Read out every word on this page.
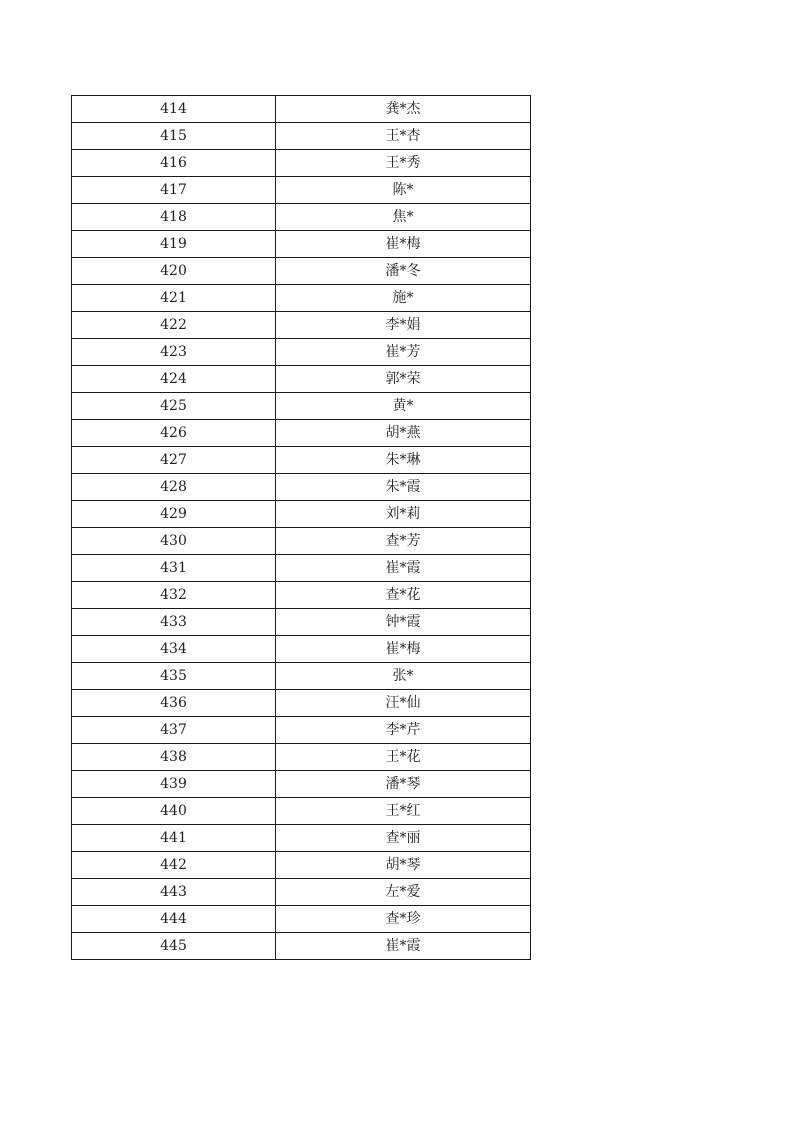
414	龚*杰
415	王*杏
416	王*秀
417	陈*
418	焦*
419	崔*梅
420	潘*冬
421	施*
422	李*娟
423	崔*芳
424	郭*荣
425	黄*
426	胡*燕
427	朱*琳
428	朱*霞
429	刘*莉
430	查*芳
431	崔*霞
432	查*花
433	钟*霞
434	崔*梅
435	张*
436	汪*仙
437	李*芹
438	王*花
439	潘*琴
440	王*红
441	查*丽
442	胡*琴
443	左*爱
444	查*珍
445	崔*霞
